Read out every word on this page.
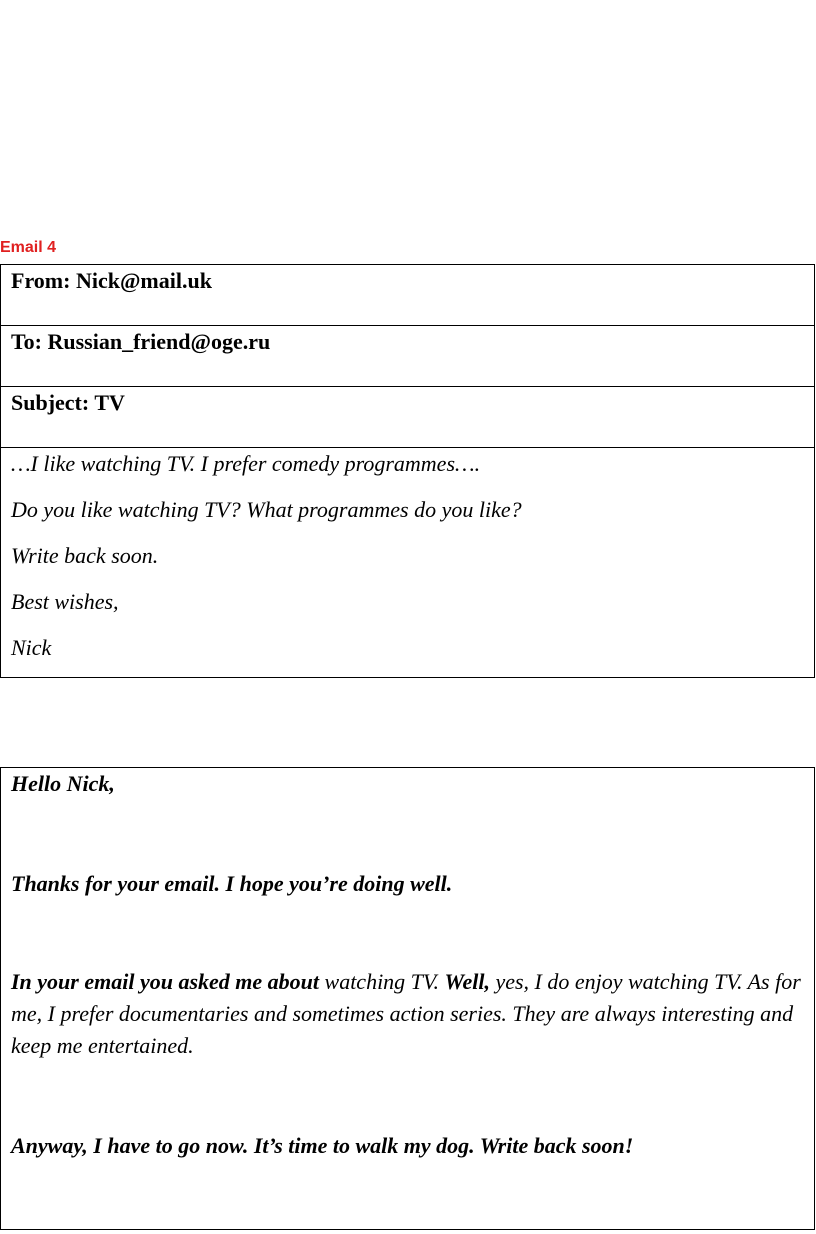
Email 4
From: Nick@mail.uk
To: Russian_friend@oge.ru
Subject: TV
…I like watching TV. I prefer comedy programmes….
Do you like watching TV? What programmes do you like?
Write back soon.
Best wishes,
Nick
Hello Nick,
Thanks for your email. I hope you’re doing well.
In your email you asked me about watching TV. Well, yes, I do enjoy watching TV. As for me, I prefer documentaries and sometimes action series. They are always interesting and keep me entertained.
Anyway, I have to go now. It’s time to walk my dog. Write back soon!
